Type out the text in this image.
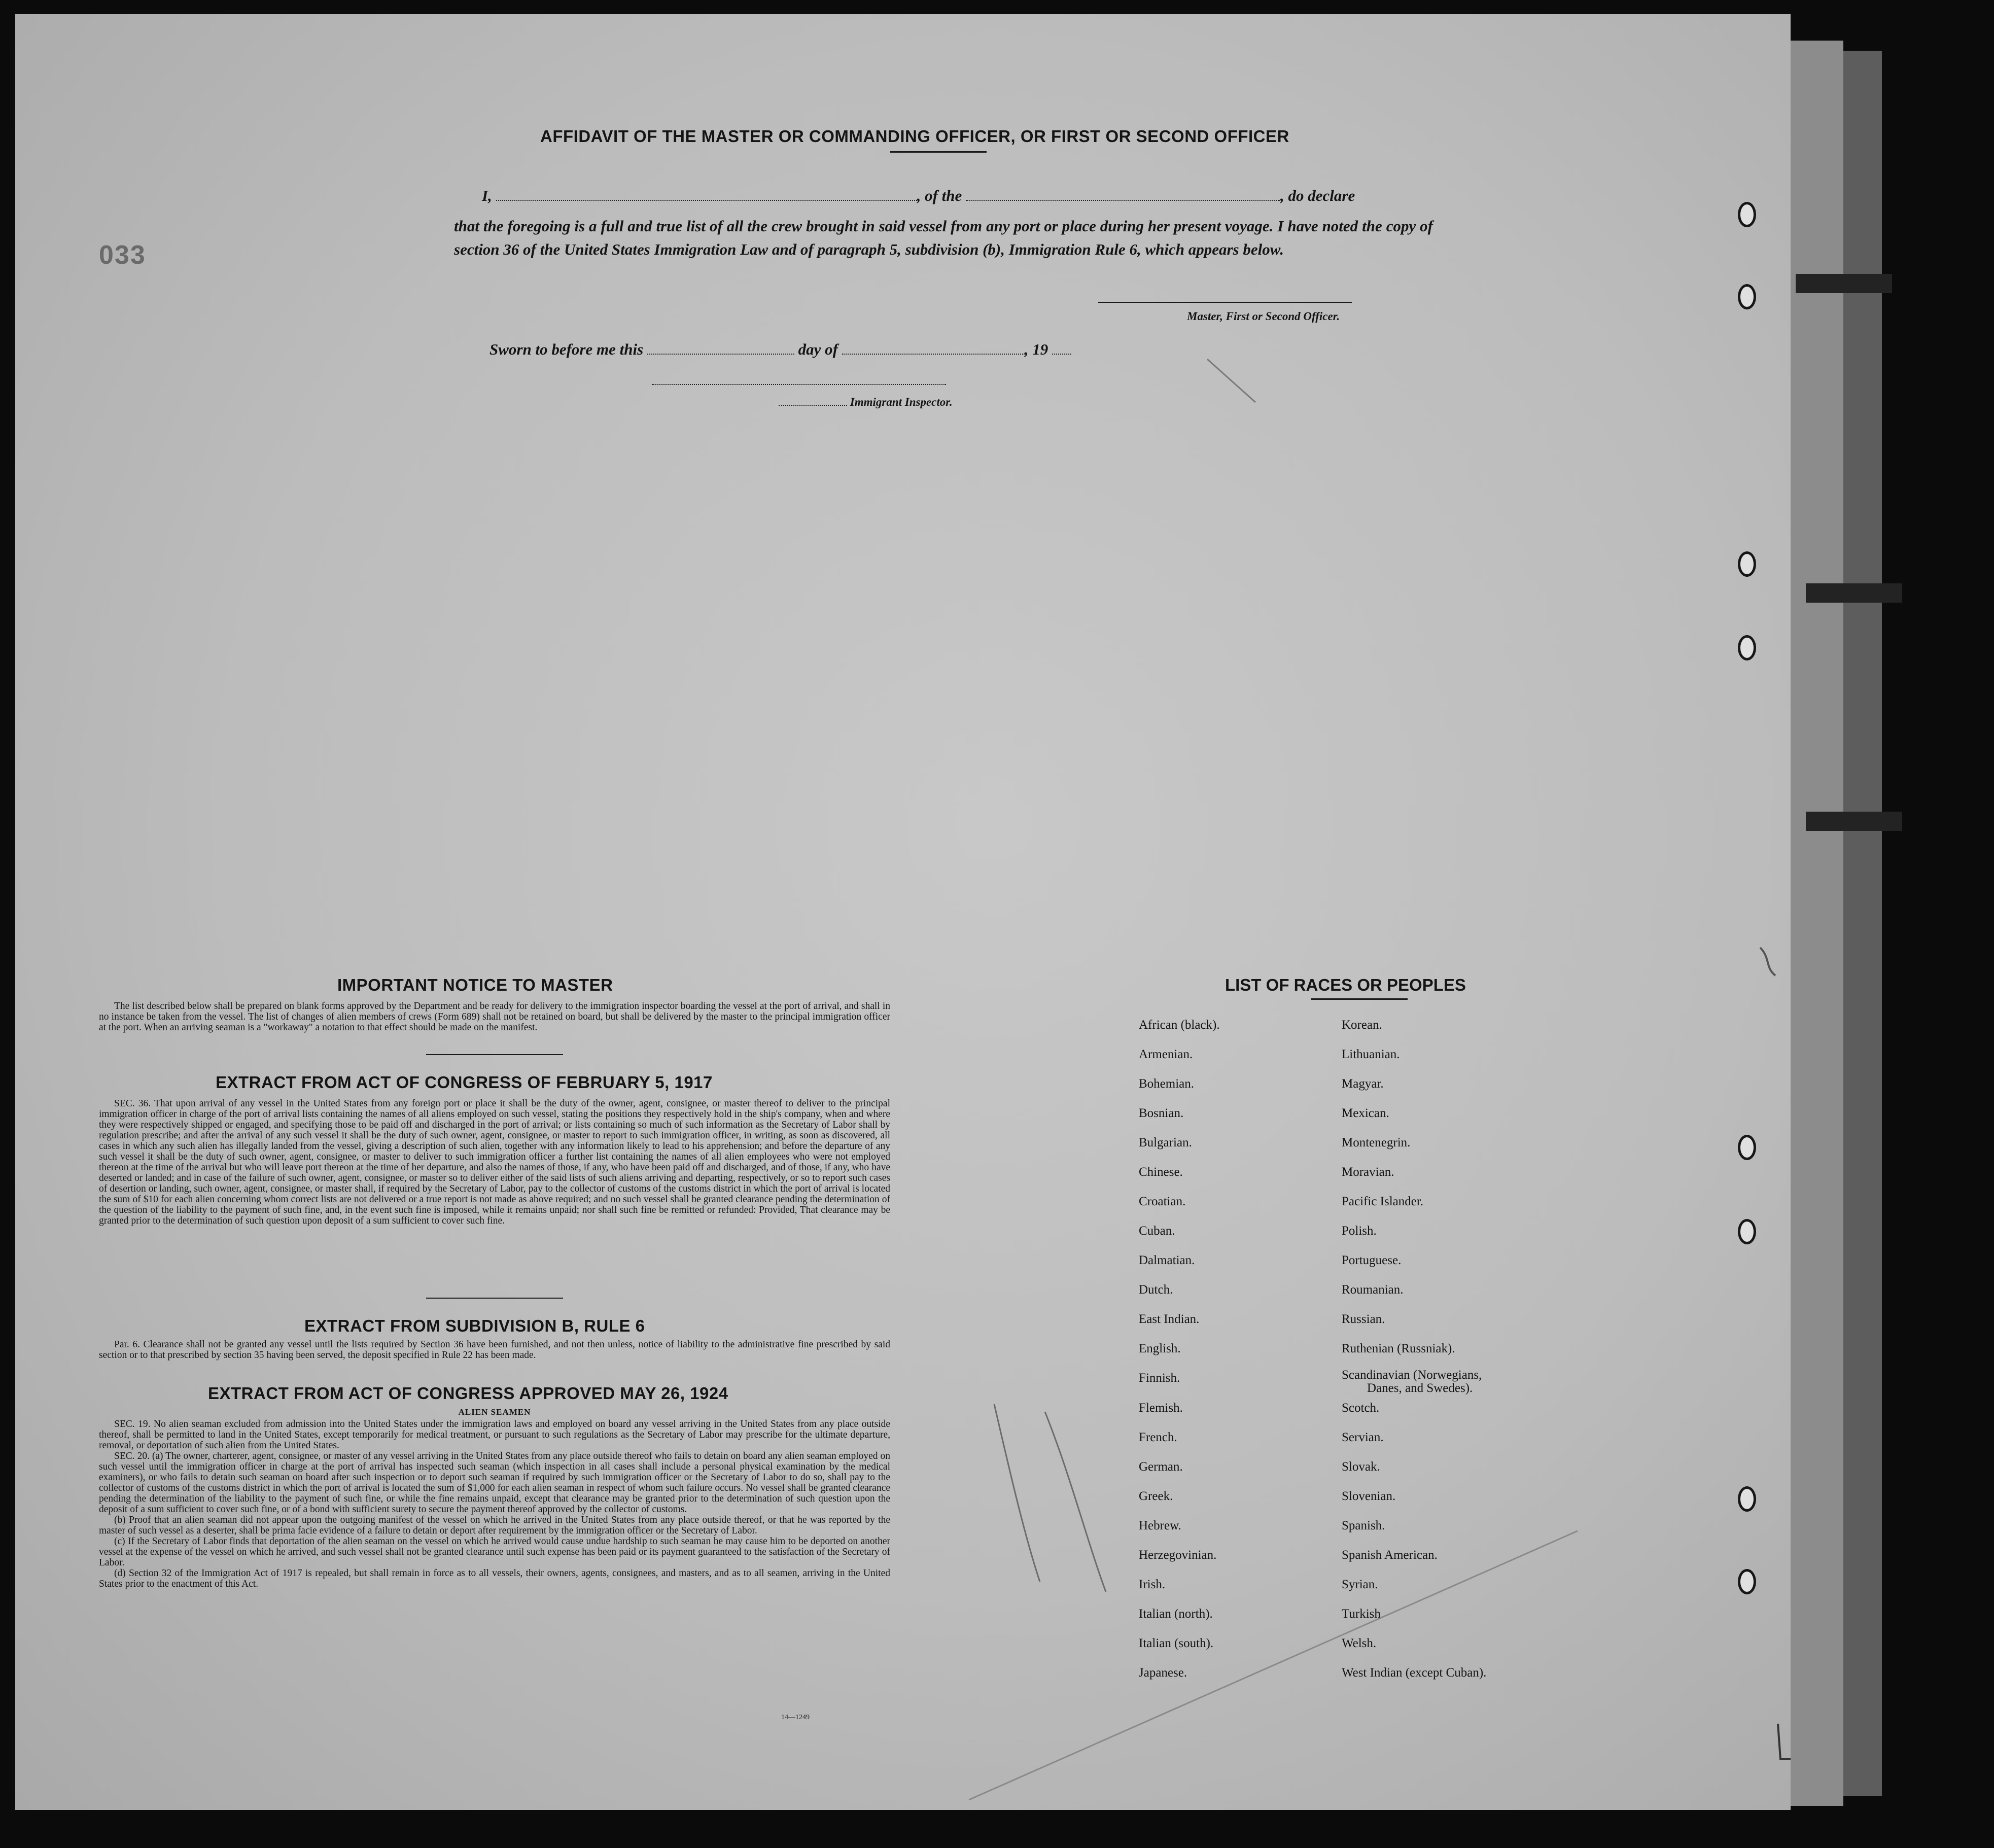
033
AFFIDAVIT OF THE MASTER OR COMMANDING OFFICER, OR FIRST OR SECOND OFFICER
I,	, of the	, do declare
that the foregoing is a full and true list of all the crew brought in said vessel from any port or place during her present voyage. I have noted the copy of section 36 of the United States Immigration Law and of paragraph 5, subdivision (b), Immigration Rule 6, which appears below.
Master, First or Second Officer.
Sworn to before me this	day of	, 19
Immigrant Inspector.
IMPORTANT NOTICE TO MASTER
The list described below shall be prepared on blank forms approved by the Department and be ready for delivery to the immigration inspector boarding the vessel at the port of arrival, and shall in no instance be taken from the vessel. The list of changes of alien members of crews (Form 689) shall not be retained on board, but shall be delivered by the master to the principal immigration officer at the port. When an arriving seaman is a "workaway" a notation to that effect should be made on the manifest.
EXTRACT FROM ACT OF CONGRESS OF FEBRUARY 5, 1917
SEC. 36. That upon arrival of any vessel in the United States from any foreign port or place it shall be the duty of the owner, agent, consignee, or master thereof to deliver to the principal immigration officer in charge of the port of arrival lists containing the names of all aliens employed on such vessel, stating the positions they respectively hold in the ship's company, when and where they were respectively shipped or engaged, and specifying those to be paid off and discharged in the port of arrival; or lists containing so much of such information as the Secretary of Labor shall by regulation prescribe; and after the arrival of any such vessel it shall be the duty of such owner, agent, consignee, or master to report to such immigration officer, in writing, as soon as discovered, all cases in which any such alien has illegally landed from the vessel, giving a description of such alien, together with any information likely to lead to his apprehension; and before the departure of any such vessel it shall be the duty of such owner, agent, consignee, or master to deliver to such immigration officer a further list containing the names of all alien employees who were not employed thereon at the time of the arrival but who will leave port thereon at the time of her departure, and also the names of those, if any, who have been paid off and discharged, and of those, if any, who have deserted or landed; and in case of the failure of such owner, agent, consignee, or master so to deliver either of the said lists of such aliens arriving and departing, respectively, or so to report such cases of desertion or landing, such owner, agent, consignee, or master shall, if required by the Secretary of Labor, pay to the collector of customs of the customs district in which the port of arrival is located the sum of $10 for each alien concerning whom correct lists are not delivered or a true report is not made as above required; and no such vessel shall be granted clearance pending the determination of the question of the liability to the payment of such fine, and, in the event such fine is imposed, while it remains unpaid; nor shall such fine be remitted or refunded: Provided, That clearance may be granted prior to the determination of such question upon deposit of a sum sufficient to cover such fine.
EXTRACT FROM SUBDIVISION B, RULE 6
Par. 6. Clearance shall not be granted any vessel until the lists required by Section 36 have been furnished, and not then unless, notice of liability to the administrative fine prescribed by said section or to that prescribed by section 35 having been served, the deposit specified in Rule 22 has been made.
EXTRACT FROM ACT OF CONGRESS APPROVED MAY 26, 1924
ALIEN SEAMEN
SEC. 19. No alien seaman excluded from admission into the United States under the immigration laws and employed on board any vessel arriving in the United States from any place outside thereof, shall be permitted to land in the United States, except temporarily for medical treatment, or pursuant to such regulations as the Secretary of Labor may prescribe for the ultimate departure, removal, or deportation of such alien from the United States.
SEC. 20. (a) The owner, charterer, agent, consignee, or master of any vessel arriving in the United States from any place outside thereof who fails to detain on board any alien seaman employed on such vessel until the immigration officer in charge at the port of arrival has inspected such seaman (which inspection in all cases shall include a personal physical examination by the medical examiners), or who fails to detain such seaman on board after such inspection or to deport such seaman if required by such immigration officer or the Secretary of Labor to do so, shall pay to the collector of customs of the customs district in which the port of arrival is located the sum of $1,000 for each alien seaman in respect of whom such failure occurs. No vessel shall be granted clearance pending the determination of the liability to the payment of such fine, or while the fine remains unpaid, except that clearance may be granted prior to the determination of such question upon the deposit of a sum sufficient to cover such fine, or of a bond with sufficient surety to secure the payment thereof approved by the collector of customs.
(b) Proof that an alien seaman did not appear upon the outgoing manifest of the vessel on which he arrived in the United States from any place outside thereof, or that he was reported by the master of such vessel as a deserter, shall be prima facie evidence of a failure to detain or deport after requirement by the immigration officer or the Secretary of Labor.
(c) If the Secretary of Labor finds that deportation of the alien seaman on the vessel on which he arrived would cause undue hardship to such seaman he may cause him to be deported on another vessel at the expense of the vessel on which he arrived, and such vessel shall not be granted clearance until such expense has been paid or its payment guaranteed to the satisfaction of the Secretary of Labor.
(d) Section 32 of the Immigration Act of 1917 is repealed, but shall remain in force as to all vessels, their owners, agents, consignees, and masters, and as to all seamen, arriving in the United States prior to the enactment of this Act.
14—1249
LIST OF RACES OR PEOPLES
African (black).
Armenian.
Bohemian.
Bosnian.
Bulgarian.
Chinese.
Croatian.
Cuban.
Dalmatian.
Dutch.
East Indian.
English.
Finnish.
Flemish.
French.
German.
Greek.
Hebrew.
Herzegovinian.
Irish.
Italian (north).
Italian (south).
Japanese.
Korean.
Lithuanian.
Magyar.
Mexican.
Montenegrin.
Moravian.
Pacific Islander.
Polish.
Portuguese.
Roumanian.
Russian.
Ruthenian (Russniak).
Scandinavian (Norwegians,
Danes, and Swedes).
Scotch.
Servian.
Slovak.
Slovenian.
Spanish.
Spanish American.
Syrian.
Turkish.
Welsh.
West Indian (except Cuban).
